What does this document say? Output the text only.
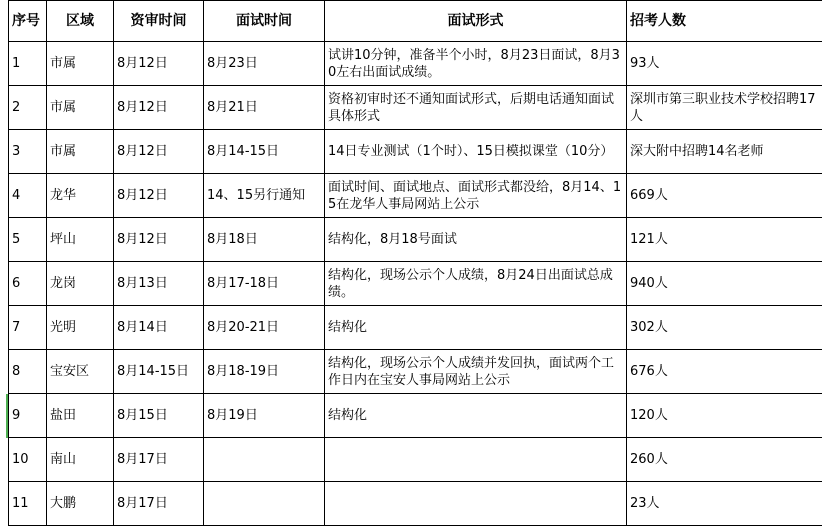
序号	区域	资审时间	面试时间	面试形式	招考人数
1	市属	8月12日	8月23日	试讲10分钟，准备半个小时，8月23日面试，8月30左右出面试成绩。	93人
2	市属	8月12日	8月21日	资格初审时还不通知面试形式，后期电话通知面试具体形式	深圳市第三职业技术学校招聘17人
3	市属	8月12日	8月14-15日	14日专业测试（1个时）、15日模拟课堂（10分）	深大附中招聘14名老师
4	龙华	8月12日	14、15另行通知	面试时间、面试地点、面试形式都没给，8月14、15在龙华人事局网站上公示	669人
5	坪山	8月12日	8月18日	结构化，8月18号面试	121人
6	龙岗	8月13日	8月17-18日	结构化，现场公示个人成绩，8月24日出面试总成绩。	940人
7	光明	8月14日	8月20-21日	结构化	302人
8	宝安区	8月14-15日	8月18-19日	结构化，现场公示个人成绩并发回执，面试两个工作日内在宝安人事局网站上公示	676人
9	盐田	8月15日	8月19日	结构化	120人
10	南山	8月17日			260人
11	大鹏	8月17日			23人
